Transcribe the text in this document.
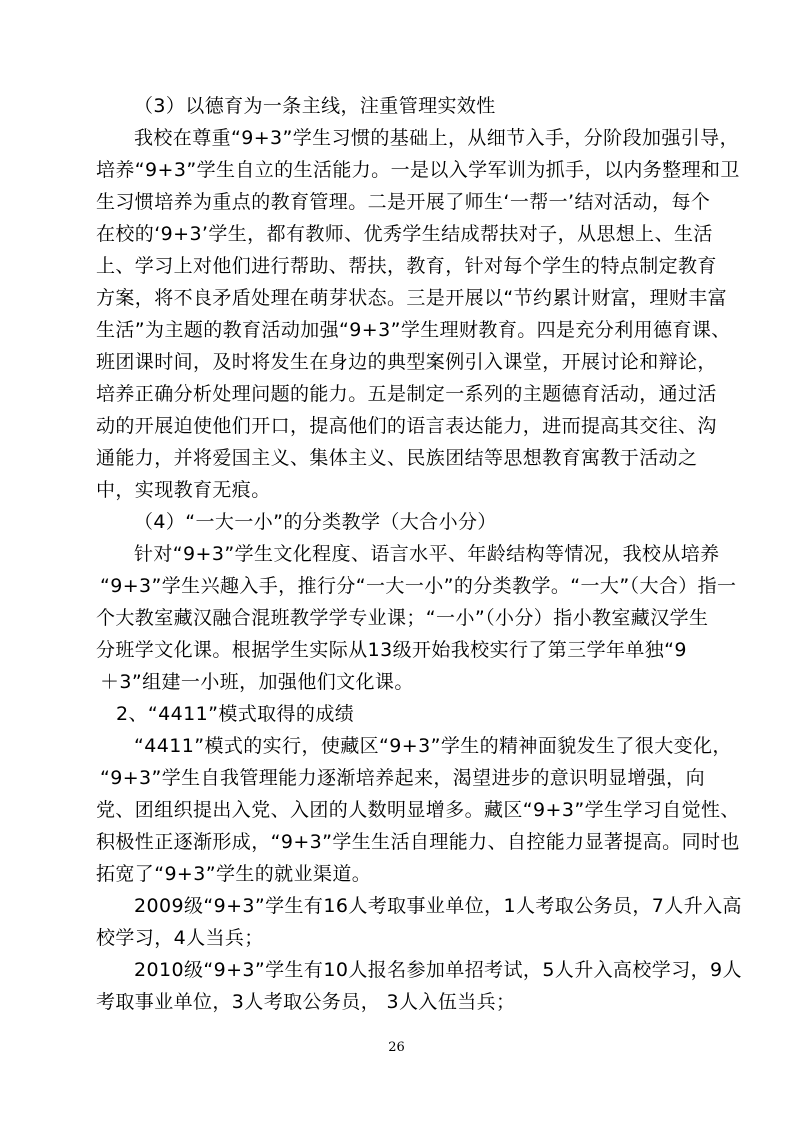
（3）以德育为一条主线，注重管理实效性
我校在尊重“9+3”学生习惯的基础上，从细节入手，分阶段加强引导，
培养“9+3”学生自立的生活能力。一是以入学军训为抓手，以内务整理和卫
生习惯培养为重点的教育管理。二是开展了师生‘一帮一’结对活动，每个
在校的‘9+3’学生，都有教师、优秀学生结成帮扶对子，从思想上、生活
上、学习上对他们进行帮助、帮扶，教育，针对每个学生的特点制定教育
方案，将不良矛盾处理在萌芽状态。三是开展以“节约累计财富，理财丰富
生活”为主题的教育活动加强“9+3”学生理财教育。四是充分利用德育课、
班团课时间，及时将发生在身边的典型案例引入课堂，开展讨论和辩论，
培养正确分析处理问题的能力。五是制定一系列的主题德育活动，通过活
动的开展迫使他们开口，提高他们的语言表达能力，进而提高其交往、沟
通能力，并将爱国主义、集体主义、民族团结等思想教育寓教于活动之
中，实现教育无痕。
（4）“一大一小”的分类教学（大合小分）
针对“9+3”学生文化程度、语言水平、年龄结构等情况，我校从培养
“9+3”学生兴趣入手，推行分“一大一小”的分类教学。“一大”（大合）指一
个大教室藏汉融合混班教学学专业课；“一小”（小分）指小教室藏汉学生
分班学文化课。根据学生实际从13级开始我校实行了第三学年单独“9
＋3”组建一小班，加强他们文化课。
2、“4411”模式取得的成绩
“4411”模式的实行，使藏区“9+3”学生的精神面貌发生了很大变化，
“9+3”学生自我管理能力逐渐培养起来，渴望进步的意识明显增强，向
党、团组织提出入党、入团的人数明显增多。藏区“9+3”学生学习自觉性、
积极性正逐渐形成，“9+3”学生生活自理能力、自控能力显著提高。同时也
拓宽了“9+3”学生的就业渠道。
2009级“9+3”学生有16人考取事业单位，1人考取公务员，7人升入高
校学习，4人当兵；
2010级“9+3”学生有10人报名参加单招考试，5人升入高校学习，9人
考取事业单位，3人考取公务员， 3人入伍当兵；
26
